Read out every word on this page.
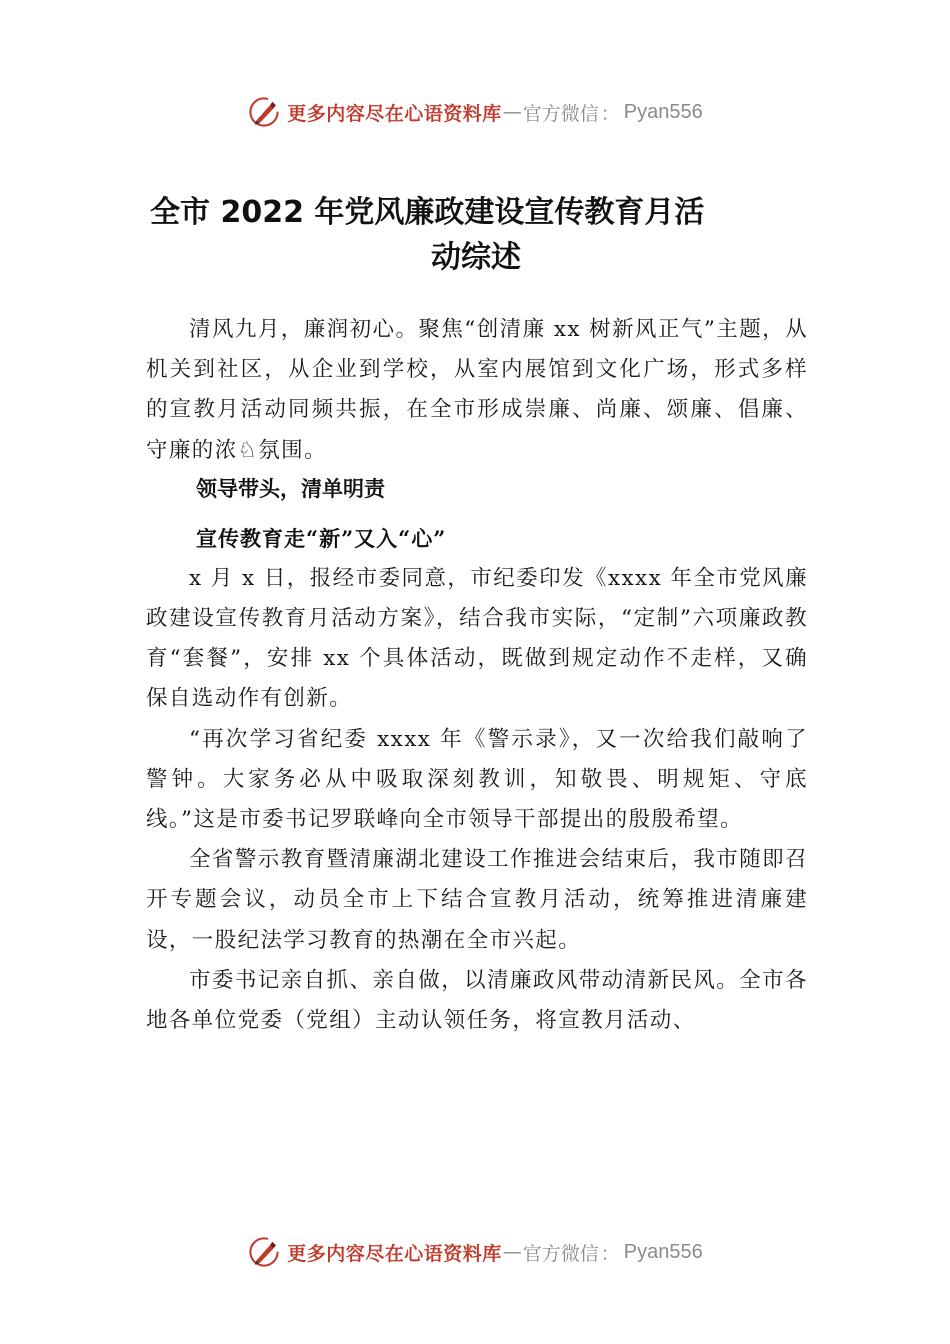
更多内容尽在心语资料库 — 官方微信 ： Pyan556
全市 2022 年党风廉政建设宣传教育月活
动综述

清风九月，廉润初心。聚焦“创清廉 xx 树新风正气”主题，从机关到社区，从企业到学校，从室内展馆到文化广场，形式多样的宣教月活动同频共振，在全市形成崇廉、尚廉、颂廉、倡廉、守廉的浓♘氛围。

领导带头，清单明责

宣传教育走“新”又入“心”

x 月 x 日，报经市委同意，市纪委印发《xxxx 年全市党风廉政建设宣传教育月活动方案》，结合我市实际，“定制”六项廉政教育“套餐”，安排 xx 个具体活动，既做到规定动作不走样，又确保自选动作有创新。

“再次学习省纪委 xxxx 年《警示录》，又一次给我们敲响了警钟。大家务必从中吸取深刻教训，知敬畏、明规矩、守底线。”这是市委书记罗联峰向全市领导干部提出的殷殷希望。

全省警示教育暨清廉湖北建设工作推进会结束后，我市随即召开专题会议，动员全市上下结合宣教月活动，统筹推进清廉建设，一股纪法学习教育的热潮在全市兴起。

市委书记亲自抓、亲自做，以清廉政风带动清新民风。全市各地各单位党委（党组）主动认领任务，将宣教月活动、

更多内容尽在心语资料库 — 官方微信 ： Pyan556
